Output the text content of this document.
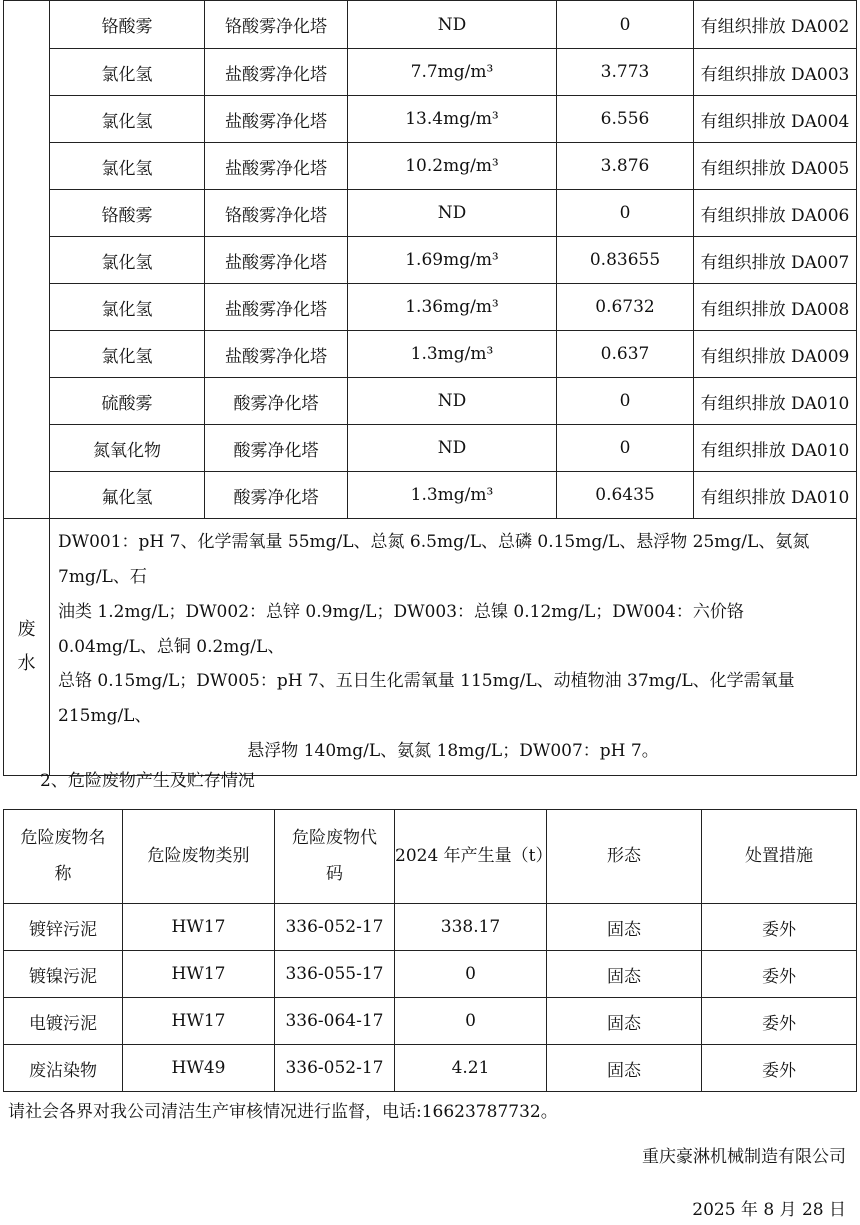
	铬酸雾	铬酸雾净化塔	ND	0	有组织排放 DA002
	氯化氢	盐酸雾净化塔	7.7mg/m³	3.773	有组织排放 DA003
	氯化氢	盐酸雾净化塔	13.4mg/m³	6.556	有组织排放 DA004
	氯化氢	盐酸雾净化塔	10.2mg/m³	3.876	有组织排放 DA005
	铬酸雾	铬酸雾净化塔	ND	0	有组织排放 DA006
	氯化氢	盐酸雾净化塔	1.69mg/m³	0.83655	有组织排放 DA007
	氯化氢	盐酸雾净化塔	1.36mg/m³	0.6732	有组织排放 DA008
	氯化氢	盐酸雾净化塔	1.3mg/m³	0.637	有组织排放 DA009
	硫酸雾	酸雾净化塔	ND	0	有组织排放 DA010
	氮氧化物	酸雾净化塔	ND	0	有组织排放 DA010
	氟化氢	酸雾净化塔	1.3mg/m³	0.6435	有组织排放 DA010
废
水	DW001：pH 7、化学需氧量 55mg/L、总氮 6.5mg/L、总磷 0.15mg/L、悬浮物 25mg/L、氨氮 7mg/L、石
油类 1.2mg/L；DW002：总锌 0.9mg/L；DW003：总镍 0.12mg/L；DW004：六价铬 0.04mg/L、总铜 0.2mg/L、
总铬 0.15mg/L；DW005：pH 7、五日生化需氧量 115mg/L、动植物油 37mg/L、化学需氧量 215mg/L、

悬浮物 140mg/L、氨氮 18mg/L；DW007：pH 7。				
2、危险废物产生及贮存情况
危险废物名
称	危险废物类别	危险废物代
码	2024 年产生量（t）	形态	处置措施
镀锌污泥	HW17	336-052-17	338.17	固态	委外
镀镍污泥	HW17	336-055-17	0	固态	委外
电镀污泥	HW17	336-064-17	0	固态	委外
废沾染物	HW49	336-052-17	4.21	固态	委外
请社会各界对我公司清洁生产审核情况进行监督，电话:16623787732。
重庆豪淋机械制造有限公司
2025 年 8 月 28 日
